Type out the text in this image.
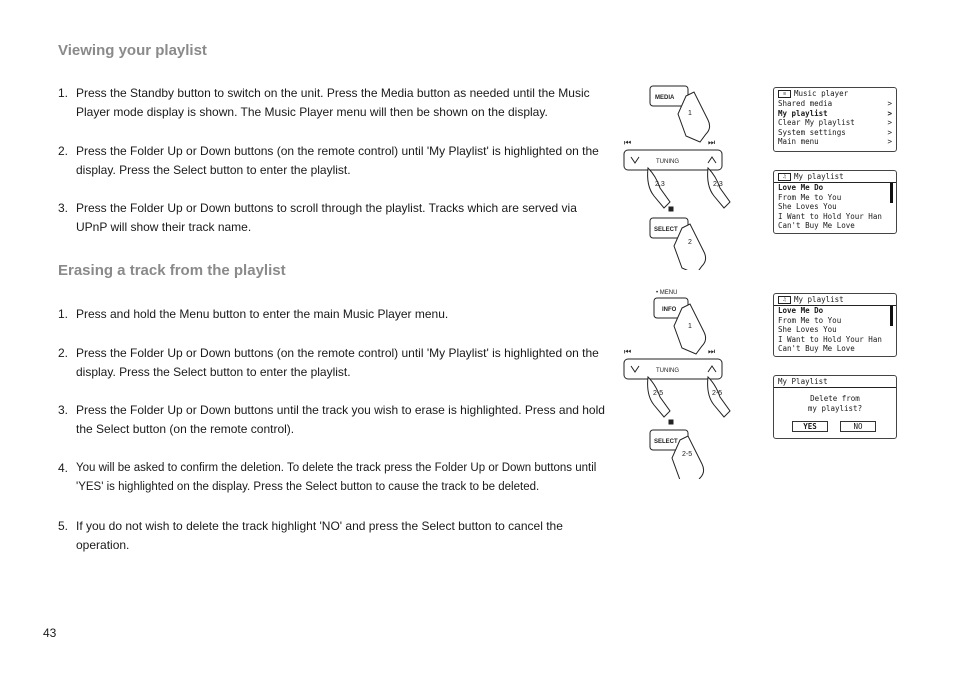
Viewing your playlist
1. Press the Standby button to switch on the unit. Press the Media button as needed until the Music Player mode display is shown. The Music Player menu will then be shown on the display.
2. Press the Folder Up or Down buttons (on the remote control) until 'My Playlist' is highlighted on the display. Press the Select button to enter the playlist.
3. Press the Folder Up or Down buttons to scroll through the playlist. Tracks which are served via UPnP will show their track name.
Erasing a track from the playlist
1. Press and hold the Menu button to enter the main Music Player menu.
2. Press the Folder Up or Down buttons (on the remote control) until 'My Playlist' is highlighted on the display. Press the Select button to enter the playlist.
3. Press the Folder Up or Down buttons until the track you wish to erase is highlighted. Press and hold the Select button (on the remote control).
4. You will be asked to confirm the deletion. To delete the track press the Folder Up or Down buttons until 'YES' is highlighted on the display. Press the Select button to cause the track to be deleted.
5. If you do not wish to delete the track highlight 'NO' and press the Select button to cancel the operation.
43
MEDIA
1
⏮	⏭
TUNING
2,3	2,3
SELECT
2
• MENU
INFO
1
⏮	⏭
TUNING
2-5	2-5
SELECT
2-5
≡	Music player
Shared media	>
My playlist	>
Clear My playlist	>
System settings	>
Main menu	>
♫	My playlist
Love Me Do
From Me to You
She Loves You
I Want to Hold Your Han
Can't Buy Me Love
♫	My playlist
Love Me Do
From Me to You
She Loves You
I Want to Hold Your Han
Can't Buy Me Love
My Playlist
Delete from
my playlist?
YES	NO
